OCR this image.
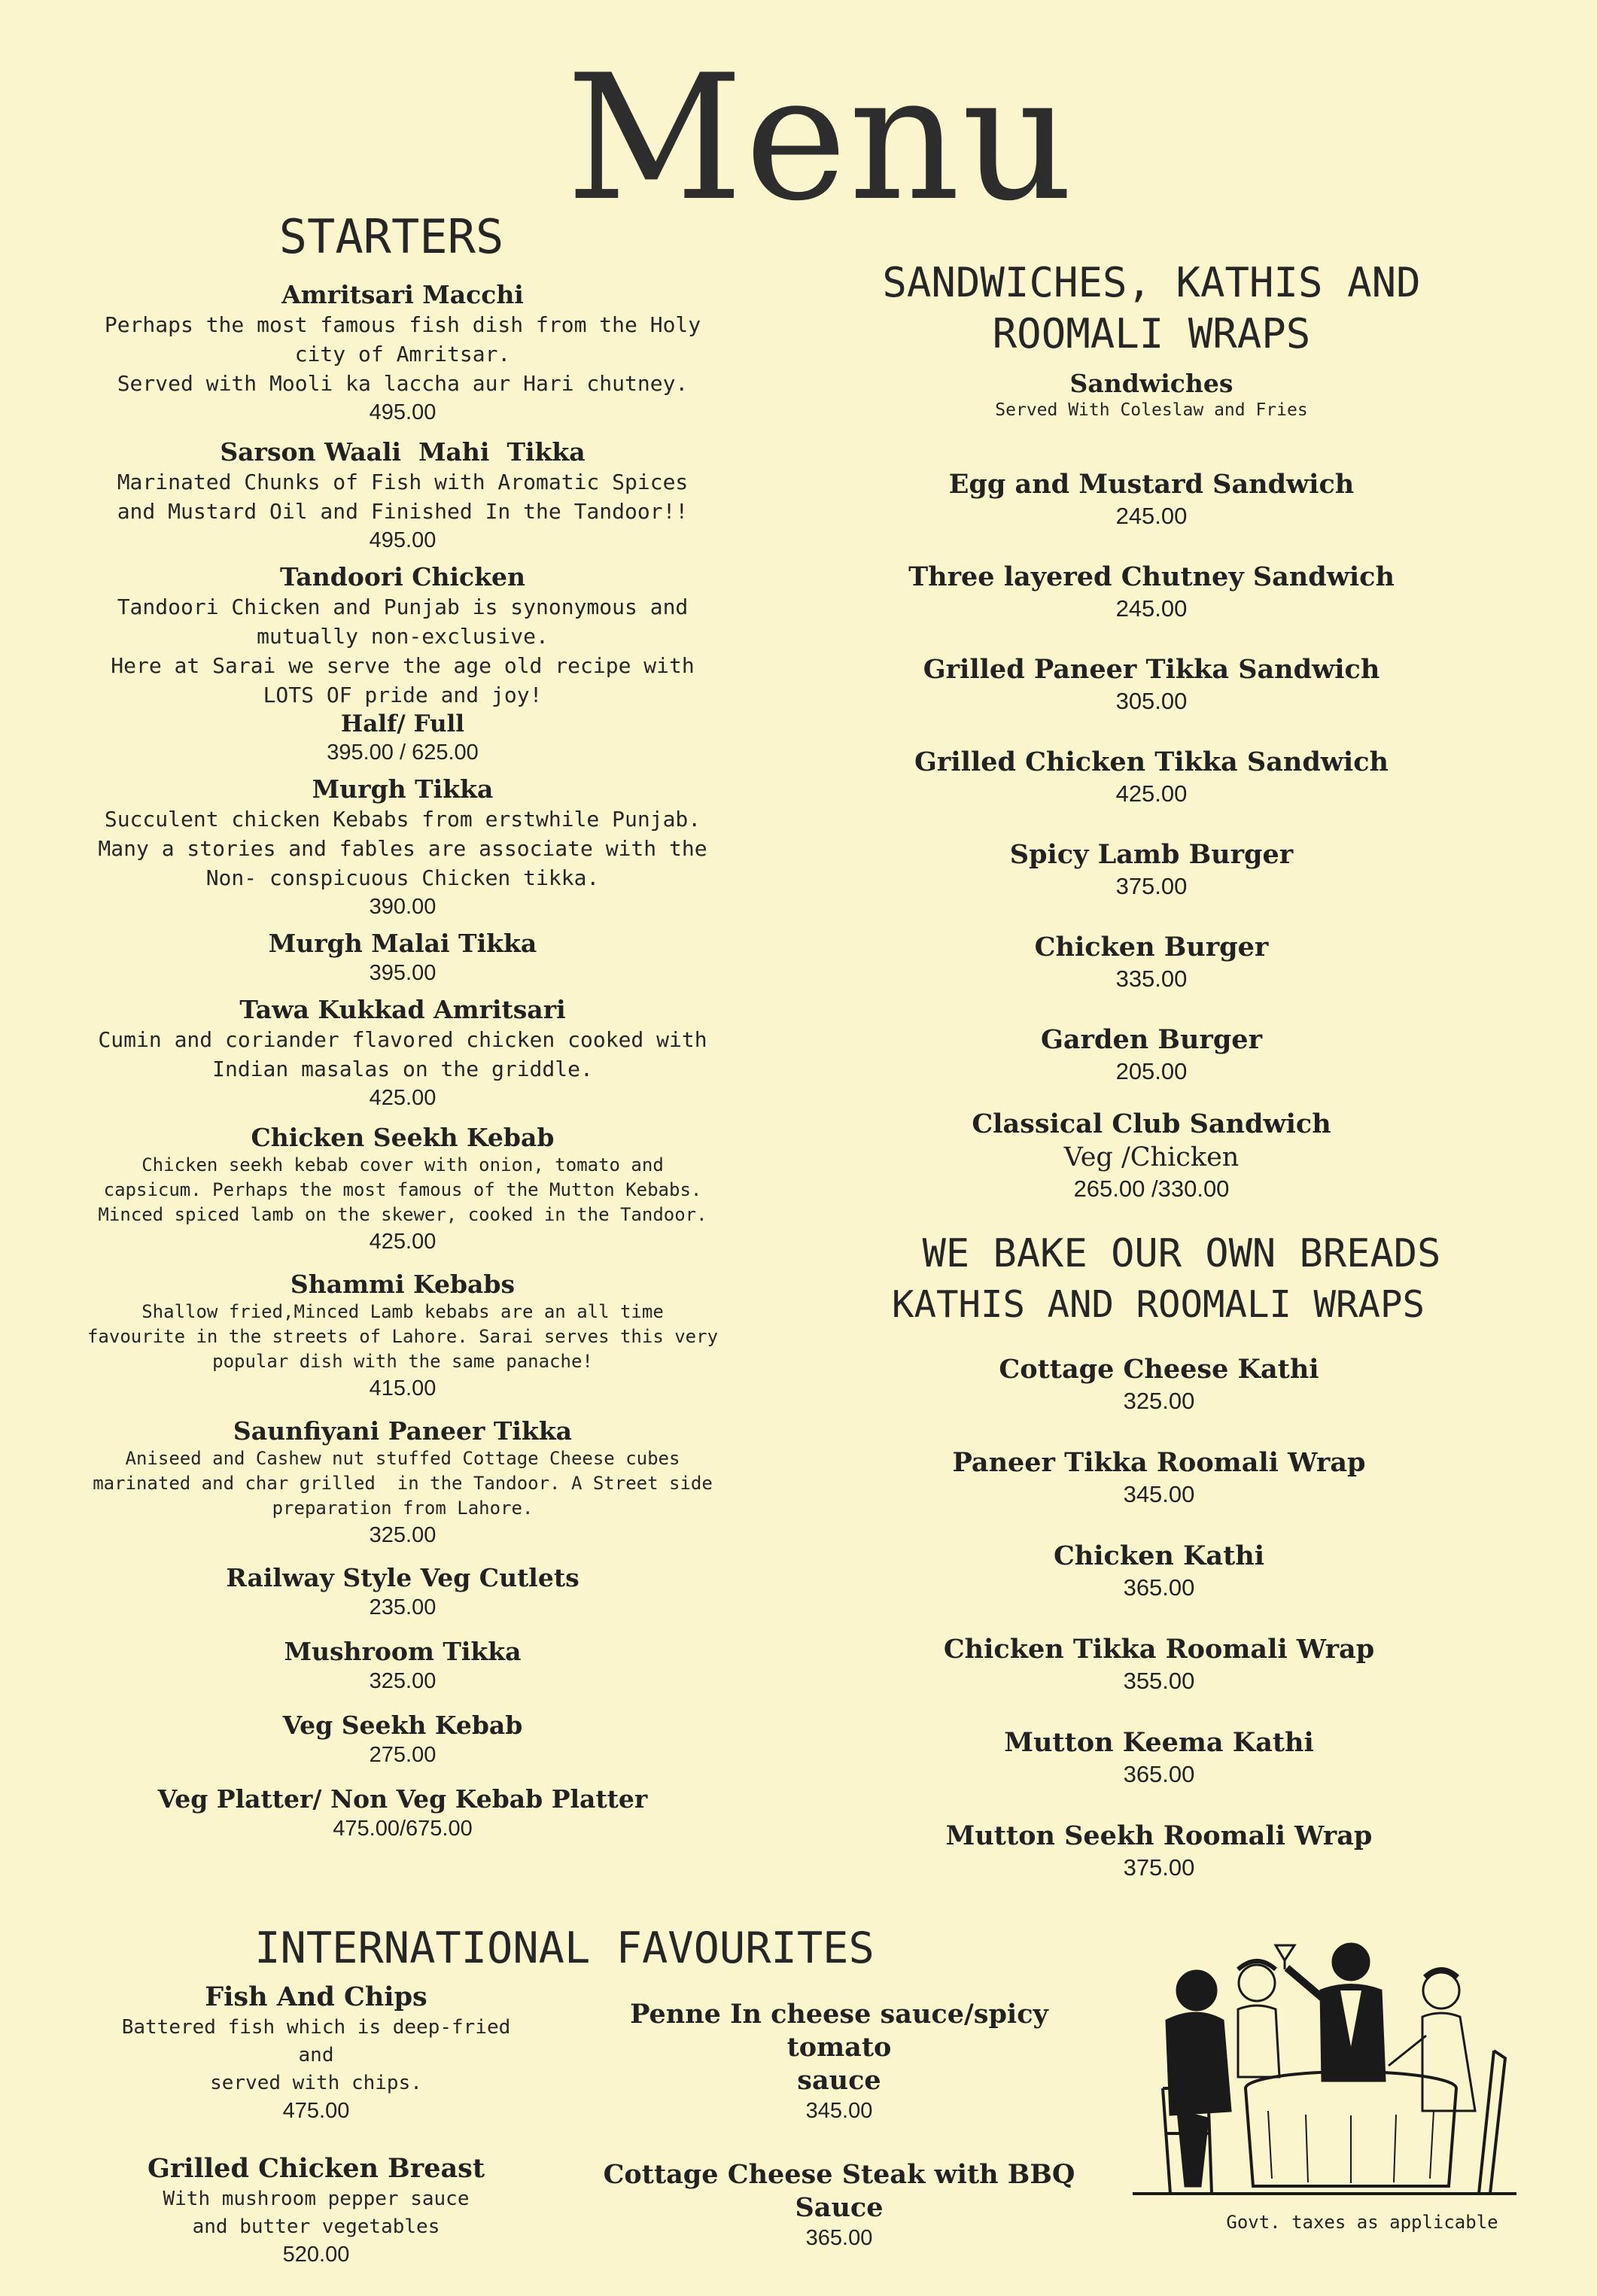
Menu
STARTERS
Amritsari Macchi
Perhaps the most famous fish dish from the Holy
city of Amritsar.
Served with Mooli ka laccha aur Hari chutney.
495.00
Sarson Waali  Mahi  Tikka
Marinated Chunks of Fish with Aromatic Spices
and Mustard Oil and Finished In the Tandoor!!
495.00
Tandoori Chicken
Tandoori Chicken and Punjab is synonymous and
mutually non-exclusive.
Here at Sarai we serve the age old recipe with
LOTS OF pride and joy!
Half/ Full
395.00 / 625.00
Murgh Tikka
Succulent chicken Kebabs from erstwhile Punjab.
Many a stories and fables are associate with the
Non- conspicuous Chicken tikka.
390.00
Murgh Malai Tikka
395.00
Tawa Kukkad Amritsari
Cumin and coriander flavored chicken cooked with
Indian masalas on the griddle.
425.00
Chicken Seekh Kebab
Chicken seekh kebab cover with onion, tomato and
capsicum. Perhaps the most famous of the Mutton Kebabs.
Minced spiced lamb on the skewer, cooked in the Tandoor.
425.00
Shammi Kebabs
Shallow fried,Minced Lamb kebabs are an all time
favourite in the streets of Lahore. Sarai serves this very
popular dish with the same panache!
415.00
Saunfiyani Paneer Tikka
Aniseed and Cashew nut stuffed Cottage Cheese cubes
marinated and char grilled  in the Tandoor. A Street side
preparation from Lahore.
325.00
Railway Style Veg Cutlets
235.00
Mushroom Tikka
325.00
Veg Seekh Kebab
275.00
Veg Platter/ Non Veg Kebab Platter
475.00/675.00
SANDWICHES, KATHIS AND
ROOMALI WRAPS
Sandwiches
Served With Coleslaw and Fries
Egg and Mustard Sandwich
245.00
Three layered Chutney Sandwich
245.00
Grilled Paneer Tikka Sandwich
305.00
Grilled Chicken Tikka Sandwich
425.00
Spicy Lamb Burger
375.00
Chicken Burger
335.00
Garden Burger
205.00
Classical Club Sandwich
Veg /Chicken
265.00 /330.00
WE BAKE OUR OWN BREADS
KATHIS AND ROOMALI WRAPS
Cottage Cheese Kathi
325.00
Paneer Tikka Roomali Wrap
345.00
Chicken Kathi
365.00
Chicken Tikka Roomali Wrap
355.00
Mutton Keema Kathi
365.00
Mutton Seekh Roomali Wrap
375.00
INTERNATIONAL FAVOURITES
Fish And Chips
Battered fish which is deep-fried and
served with chips.
475.00
Grilled Chicken Breast
With mushroom pepper sauce
and butter vegetables
520.00
Penne In cheese sauce/spicy tomato
sauce
345.00
Cottage Cheese Steak with BBQ
Sauce
365.00
Govt. taxes as applicable
